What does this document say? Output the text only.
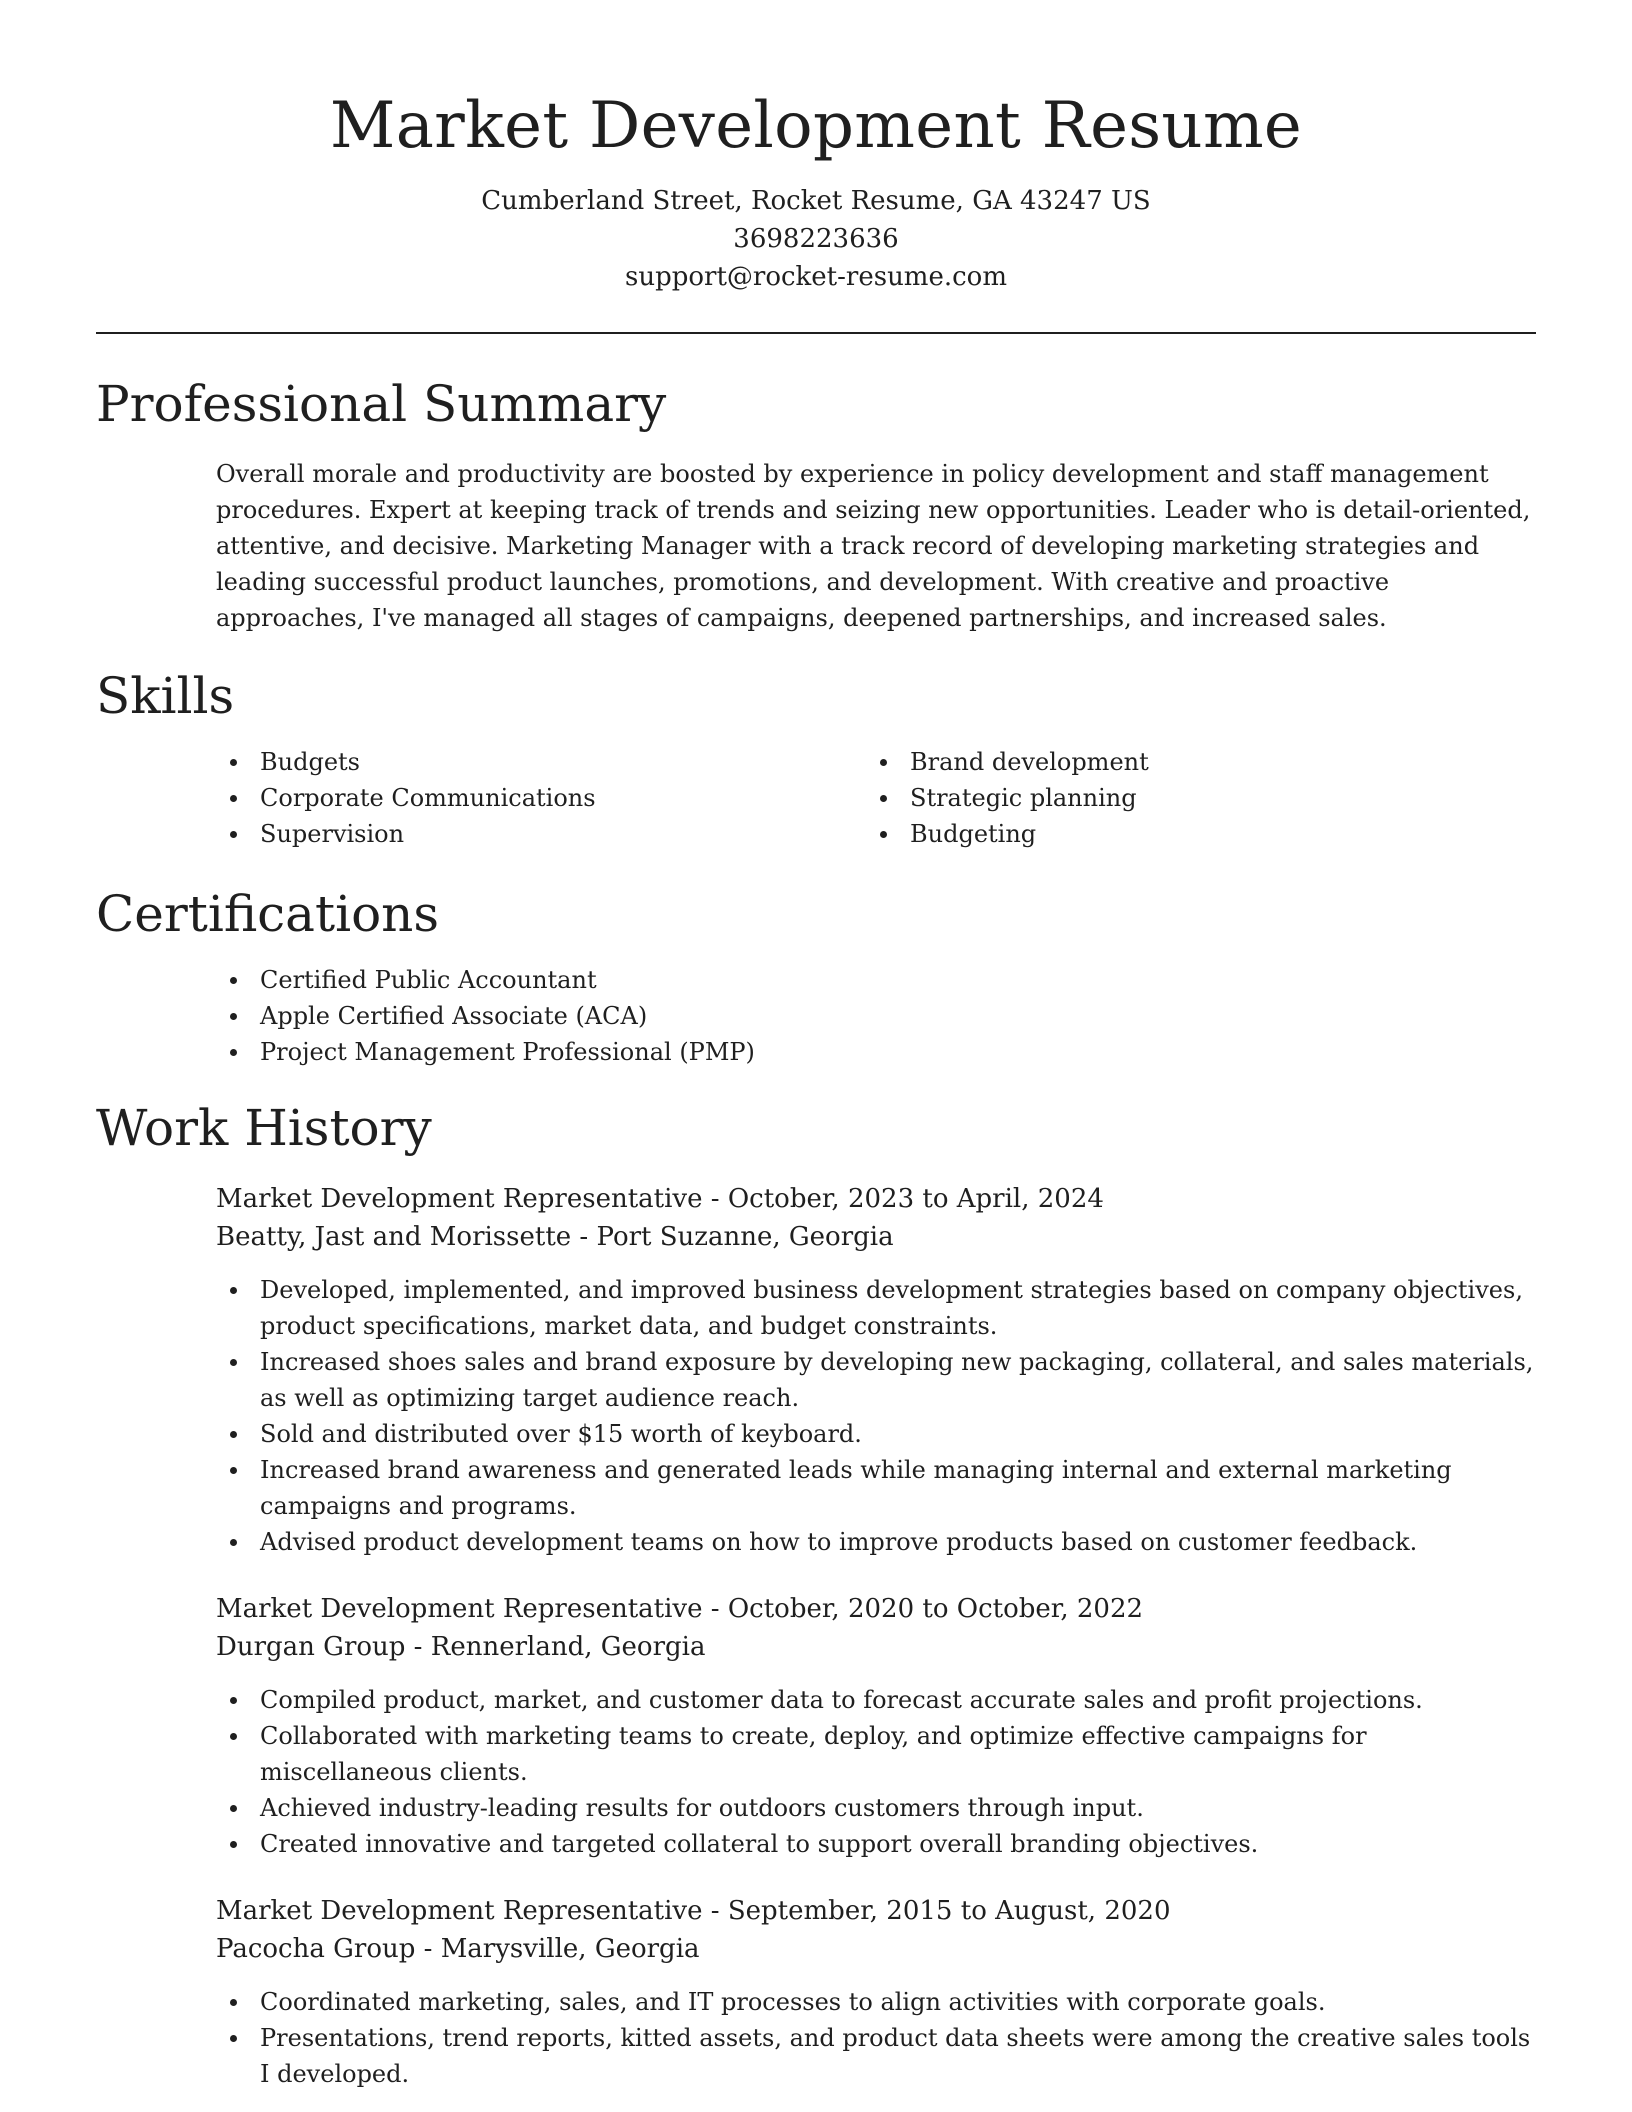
Market Development Resume
Cumberland Street, Rocket Resume, GA 43247 US
3698223636
support@rocket-resume.com
Professional Summary

Overall morale and productivity are boosted by experience in policy development and staff management procedures. Expert at keeping track of trends and seizing new opportunities. Leader who is detail-oriented, attentive, and decisive. Marketing Manager with a track record of developing marketing strategies and leading successful product launches, promotions, and development. With creative and proactive approaches, I've managed all stages of campaigns, deepened partnerships, and increased sales.

Skills
Budgets
Corporate Communications
Supervision
Brand development
Strategic planning
Budgeting
Certifications
Certified Public Accountant
Apple Certified Associate (ACA)
Project Management Professional (PMP)
Work History
Market Development Representative - October, 2023 to April, 2024
Beatty, Jast and Morissette - Port Suzanne, Georgia
Developed, implemented, and improved business development strategies based on company objectives, product specifications, market data, and budget constraints.
Increased shoes sales and brand exposure by developing new packaging, collateral, and sales materials, as well as optimizing target audience reach.
Sold and distributed over $15 worth of keyboard.
Increased brand awareness and generated leads while managing internal and external marketing campaigns and programs.
Advised product development teams on how to improve products based on customer feedback.
Market Development Representative - October, 2020 to October, 2022
Durgan Group - Rennerland, Georgia
Compiled product, market, and customer data to forecast accurate sales and profit projections.
Collaborated with marketing teams to create, deploy, and optimize effective campaigns for miscellaneous clients.
Achieved industry-leading results for outdoors customers through input.
Created innovative and targeted collateral to support overall branding objectives.
Market Development Representative - September, 2015 to August, 2020
Pacocha Group - Marysville, Georgia
Coordinated marketing, sales, and IT processes to align activities with corporate goals.
Presentations, trend reports, kitted assets, and product data sheets were among the creative sales tools I developed.
